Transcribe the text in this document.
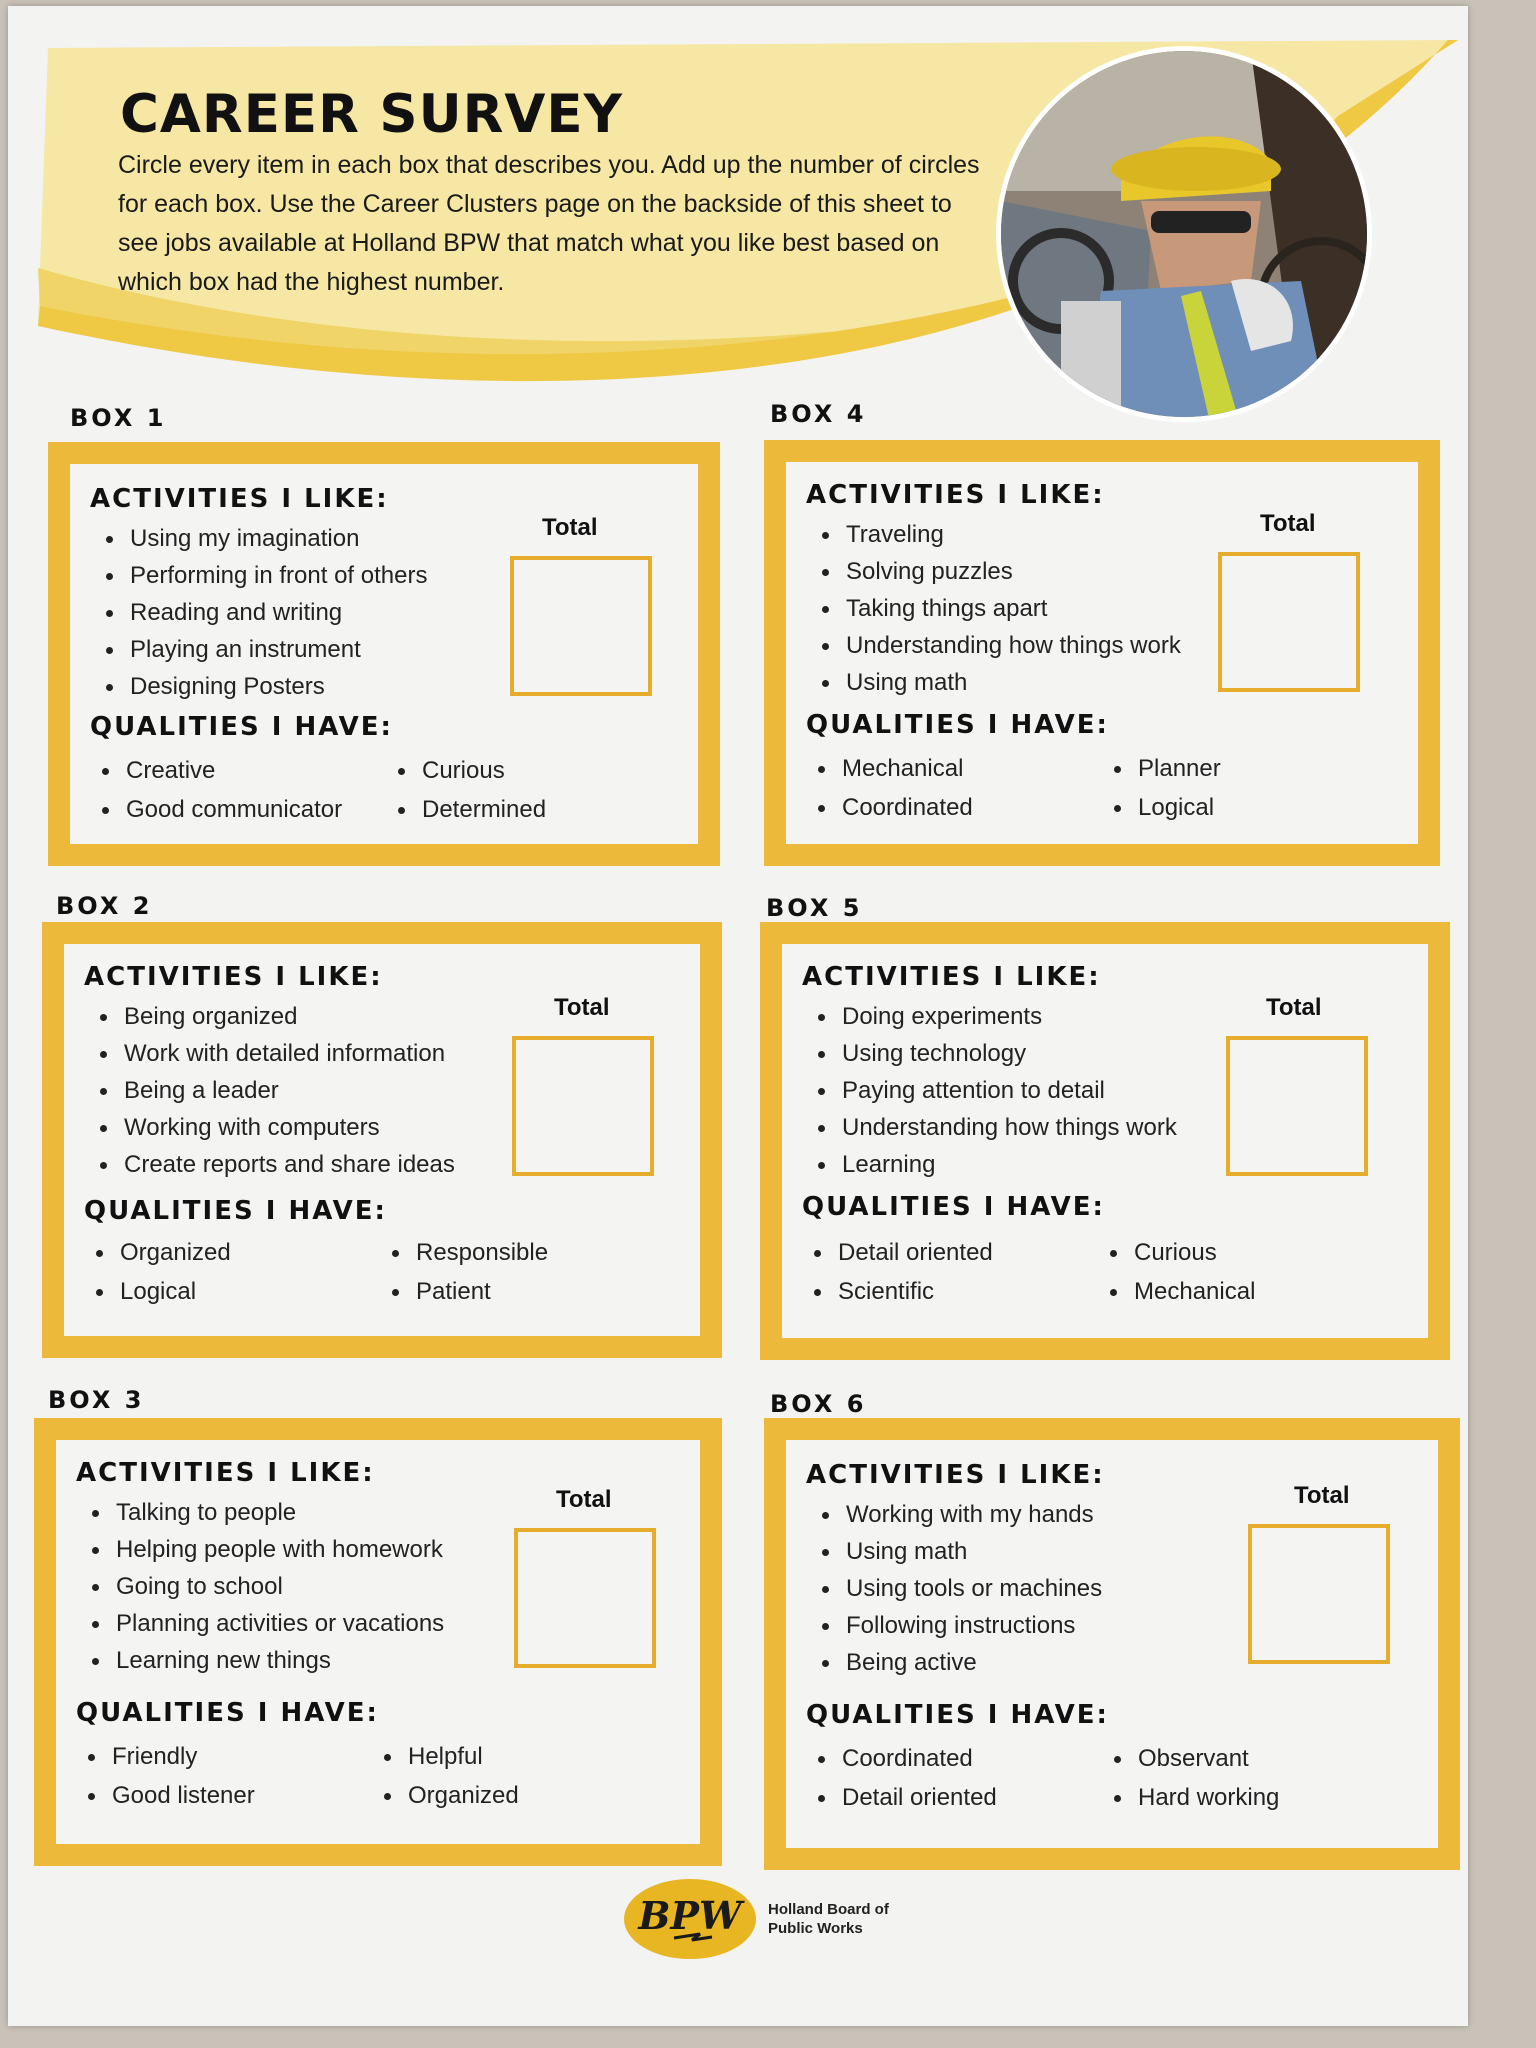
CAREER SURVEY
Circle every item in each box that describes you. Add up the number of circles for each box. Use the Career Clusters page on the backside of this sheet to see jobs available at Holland BPW that match what you like best based on which box had the highest number.
BOX 1
ACTIVITIES I LIKE:
Using my imagination
Performing in front of others
Reading and writing
Playing an instrument
Designing Posters
QUALITIES I HAVE:
Creative	Curious
Good communicator	Determined
Total
BOX 4
ACTIVITIES I LIKE:
Traveling
Solving puzzles
Taking things apart
Understanding how things work
Using math
QUALITIES I HAVE:
Mechanical	Planner
Coordinated	Logical
Total
BOX 2
ACTIVITIES I LIKE:
Being organized
Work with detailed information
Being a leader
Working with computers
Create reports and share ideas
QUALITIES I HAVE:
Organized	Responsible
Logical	Patient
Total
BOX 5
ACTIVITIES I LIKE:
Doing experiments
Using technology
Paying attention to detail
Understanding how things work
Learning
QUALITIES I HAVE:
Detail oriented	Curious
Scientific	Mechanical
Total
BOX 3
ACTIVITIES I LIKE:
Talking to people
Helping people with homework
Going to school
Planning activities or vacations
Learning new things
QUALITIES I HAVE:
Friendly	Helpful
Good listener	Organized
Total
BOX 6
ACTIVITIES I LIKE:
Working with my hands
Using math
Using tools or machines
Following instructions
Being active
QUALITIES I HAVE:
Coordinated	Observant
Detail oriented	Hard working
Total
BPW Holland Board of
Public Works
